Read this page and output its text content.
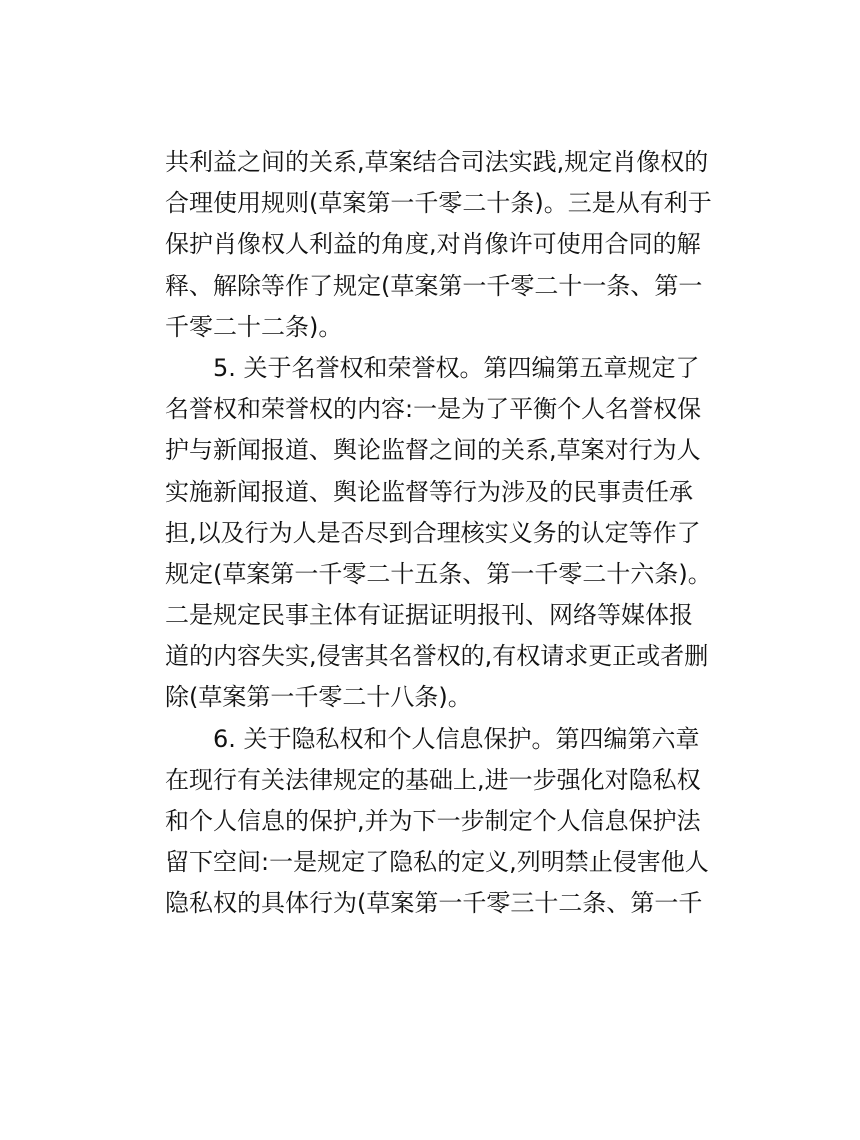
共利益之间的关系,草案结合司法实践,规定肖像权的
合理使用规则(草案第一千零二十条)。三是从有利于
保护肖像权人利益的角度,对肖像许可使用合同的解
释、解除等作了规定(草案第一千零二十一条、第一
千零二十二条)。
5. 关于名誉权和荣誉权。第四编第五章规定了
名誉权和荣誉权的内容:一是为了平衡个人名誉权保
护与新闻报道、舆论监督之间的关系,草案对行为人
实施新闻报道、舆论监督等行为涉及的民事责任承
担,以及行为人是否尽到合理核实义务的认定等作了
规定(草案第一千零二十五条、第一千零二十六条)。
二是规定民事主体有证据证明报刊、网络等媒体报
道的内容失实,侵害其名誉权的,有权请求更正或者删
除(草案第一千零二十八条)。
6. 关于隐私权和个人信息保护。第四编第六章
在现行有关法律规定的基础上,进一步强化对隐私权
和个人信息的保护,并为下一步制定个人信息保护法
留下空间:一是规定了隐私的定义,列明禁止侵害他人
隐私权的具体行为(草案第一千零三十二条、第一千
